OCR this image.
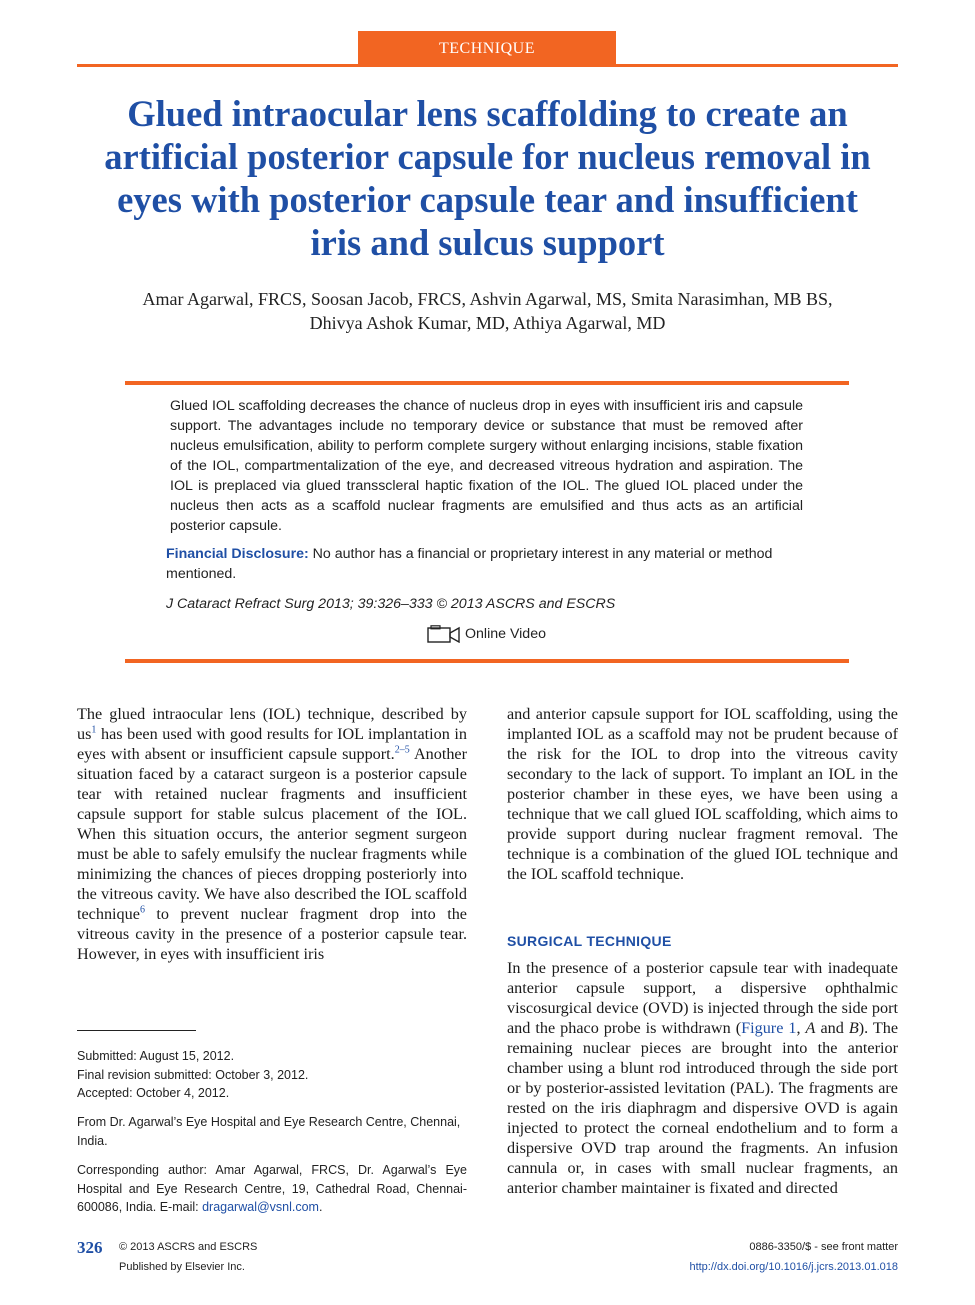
TECHNIQUE
Glued intraocular lens scaffolding to create an artificial posterior capsule for nucleus removal in eyes with posterior capsule tear and insufficient iris and sulcus support
Amar Agarwal, FRCS, Soosan Jacob, FRCS, Ashvin Agarwal, MS, Smita Narasimhan, MB BS,
Dhivya Ashok Kumar, MD, Athiya Agarwal, MD

Glued IOL scaffolding decreases the chance of nucleus drop in eyes with insufficient iris and capsule support. The advantages include no temporary device or substance that must be removed after nucleus emulsification, ability to perform complete surgery without enlarging incisions, stable fixation of the IOL, compartmentalization of the eye, and decreased vitreous hydration and aspiration. The IOL is preplaced via glued transscleral haptic fixation of the IOL. The glued IOL placed under the nucleus then acts as a scaffold nuclear fragments are emulsified and thus acts as an artificial posterior capsule.

Financial Disclosure: No author has a financial or proprietary interest in any material or method mentioned.

J Cataract Refract Surg 2013; 39:326–333 © 2013 ASCRS and ESCRS
Online Video

The glued intraocular lens (IOL) technique, described by $us^1$ has been used with good results for IOL implantation in eyes with absent or insufficient capsule support.$^{2-5}$ Another situation faced by a cataract surgeon is a posterior capsule tear with retained nuclear fragments and insufficient capsule support for stable sulcus placement of the IOL. When this situation occurs, the anterior segment surgeon must be able to safely emulsify the nuclear fragments while minimizing the chances of pieces dropping posteriorly into the vitreous cavity. We have also described the IOL scaffold technique$^6$ to prevent nuclear fragment drop into the vitreous cavity in the presence of a posterior capsule tear. However, in eyes with insufficient iris

and anterior capsule support for IOL scaffolding, using the implanted IOL as a scaffold may not be prudent because of the risk for the IOL to drop into the vitreous cavity secondary to the lack of support. To implant an IOL in the posterior chamber in these eyes, we have been using a technique that we call glued IOL scaffolding, which aims to provide support during nuclear fragment removal. The technique is a combination of the glued IOL technique and the IOL scaffold technique.

SURGICAL TECHNIQUE

In the presence of a posterior capsule tear with inadequate anterior capsule support, a dispersive ophthalmic viscosurgical device (OVD) is injected through the side port and the phaco probe is withdrawn (Figure 1, A and B). The remaining nuclear pieces are brought into the anterior chamber using a blunt rod introduced through the side port or by posterior-assisted levitation (PAL). The fragments are rested on the iris diaphragm and dispersive OVD is again injected to protect the corneal endothelium and to form a dispersive OVD trap around the fragments. An infusion cannula or, in cases with small nuclear fragments, an anterior chamber maintainer is fixated and directed

Submitted: August 15, 2012.
Final revision submitted: October 3, 2012.
Accepted: October 4, 2012.

From Dr. Agarwal’s Eye Hospital and Eye Research Centre, Chennai, India.

Corresponding author: Amar Agarwal, FRCS, Dr. Agarwal’s Eye Hospital and Eye Research Centre, 19, Cathedral Road, Chennai-600086, India. E-mail: dragarwal@vsnl.com.

326 © 2013 ASCRS and ESCRS
Published by Elsevier Inc.
0886-3350/$ - see front matter
http://dx.doi.org/10.1016/j.jcrs.2013.01.018
